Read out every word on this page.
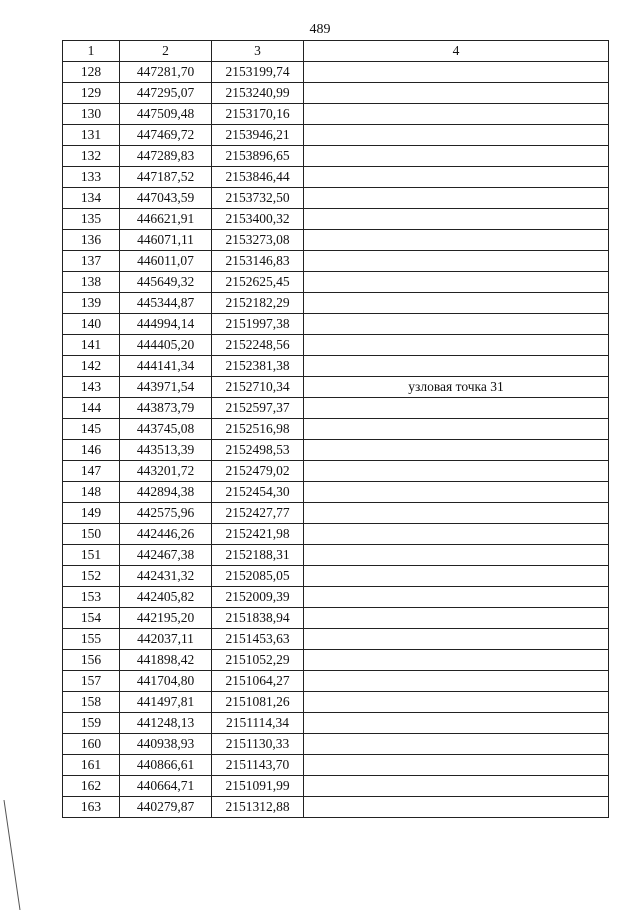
489
1	2	3	4
128	447281,70	2153199,74	
129	447295,07	2153240,99	
130	447509,48	2153170,16	
131	447469,72	2153946,21	
132	447289,83	2153896,65	
133	447187,52	2153846,44	
134	447043,59	2153732,50	
135	446621,91	2153400,32	
136	446071,11	2153273,08	
137	446011,07	2153146,83	
138	445649,32	2152625,45	
139	445344,87	2152182,29	
140	444994,14	2151997,38	
141	444405,20	2152248,56	
142	444141,34	2152381,38	
143	443971,54	2152710,34	узловая точка 31
144	443873,79	2152597,37	
145	443745,08	2152516,98	
146	443513,39	2152498,53	
147	443201,72	2152479,02	
148	442894,38	2152454,30	
149	442575,96	2152427,77	
150	442446,26	2152421,98	
151	442467,38	2152188,31	
152	442431,32	2152085,05	
153	442405,82	2152009,39	
154	442195,20	2151838,94	
155	442037,11	2151453,63	
156	441898,42	2151052,29	
157	441704,80	2151064,27	
158	441497,81	2151081,26	
159	441248,13	2151114,34	
160	440938,93	2151130,33	
161	440866,61	2151143,70	
162	440664,71	2151091,99	
163	440279,87	2151312,88	
